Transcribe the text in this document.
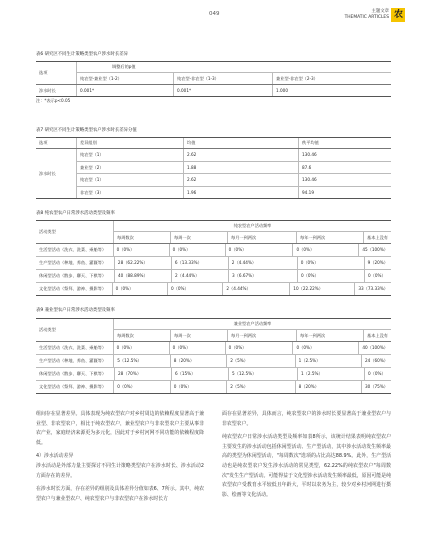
049	主题文章
THEMATIC ARTICLES 农
表6 研究区不同生计策略类型农户涉水时长差异
选项
调整后的p值
纯农型-兼业型（1-2）	纯农型-非农型（1-3）	兼业型-非农型（2-3）
涉水时长	0.001*	0.001*	1.000
注：*表示p<0.05
表7 研究区不同生计策略类型农户涉水时长差异分值
选项	差异组别	均值	秩平均值
涉水时长
纯农型（1）	2.62	130.46
兼业型（2）	1.88	87.6
纯农型（1）	2.62	130.46
非农型（3）	1.96	94.19
表8 纯农型农户日常涉水活动类型及频率
活动类型
纯农型农户活动频率
每周数次	每周一次	每月一到两次	每年一到两次	基本上没有
生活型活动（洗衣、洗菜、乘船等）	0（0%）	0（0%）	0（0%）	0（0%）	45（100%）
生产型活动（种地、养鱼、灌溉等）	28（62.22%）	6（13.33%）	2（4.44%）	0（0%）	9（20%）
休闲型活动（散步、聊天、下棋等）	40（88.89%）	2（4.44%）	3（6.67%）	0（0%）	0（0%）
文化型活动（祭拜、游神、摄影等）	0（0%）	0（0%）	2（4.44%）	10（22.22%）	33（73.33%）
表9 兼业型农户日常涉水活动类型及频率
活动类型
兼业型农户活动频率
每周数次	每周一次	每月一到两次	每年一到两次	基本上没有
生活型活动（洗衣、洗菜、乘船等）	0（0%）	0（0%）	0（0%）	0（0%）	40（100%）
生产型活动（种地、养鱼、灌溉等）	5（12.5%）	8（20%）	2（5%）	1（2.5%）	24（60%）
休闲型活动（散步、聊天、下棋等）	28（70%）	6（15%）	5（12.5%）	1（2.5%）	0（0%）
文化型活动（祭拜、游神、摄影等）	0（0%）	0（0%）	2（5%）	8（20%）	30（75%）

组间存在显著差异。具体表现为纯农型农户对乡村周边的依赖程度显著高于兼业型、非农型农户，相比于纯农型农户，兼业型农户与非农型农户主要从事非农产业，家庭经济来源更为多元化，因此对于乡村河网不同功能的依赖程度降低。

4）涉水活动差异

涉水活动是外部力量主要探讨不同生计策略类型农户在涉水时长、涉水活动2方面存在的差异。

在涉水时长方面，存在差异的组别及具体差异分值如表6、7所示。其中，纯农型农户与兼业型农户、纯农型农户与非农型农户在涉水时长方

面存在显著差异，具体而言，纯农型农户的涉水时长要显著高于兼业型农户与非农型农户。

纯农型农户日常涉水活动类型及频率如表8所示，该统计结果表明纯农型农户主要发生的涉水活动包括休闲型活动、生产型活动，其中涉水活动发生频率最高的类型为休闲型活动，"每周数次"选项的占比高达88.9%。此外，生产型活动也是纯农型农户发生涉水活动的常见类型，62.22%的纯农型农户"每周数次"发生生产型活动。可能得益于文化型涉水活动发生频率最低，原因可能是纯农型农户受教育水平较低且年龄大，平时以农务为主，较少对乡村河网进行摄影、绘画等文化活动。
